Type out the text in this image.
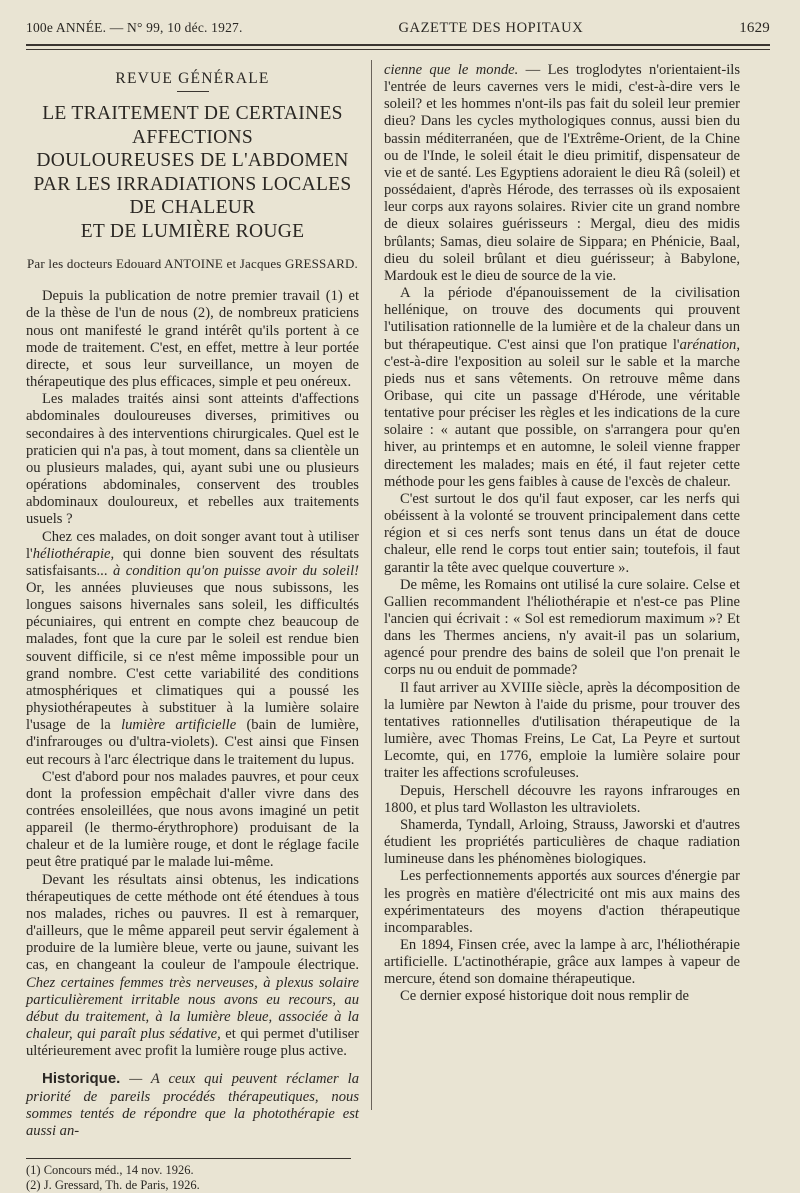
100e ANNÉE. — N° 99, 10 déc. 1927.	GAZETTE DES HOPITAUX	1629
REVUE GÉNÉRALE
LE TRAITEMENT DE CERTAINES AFFECTIONS
DOULOUREUSES DE L'ABDOMEN
PAR LES IRRADIATIONS LOCALES DE CHALEUR
ET DE LUMIÈRE ROUGE
Par les docteurs Edouard ANTOINE et Jacques GRESSARD.

Depuis la publication de notre premier travail (1) et de la thèse de l'un de nous (2), de nombreux praticiens nous ont manifesté le grand intérêt qu'ils portent à ce mode de traitement. C'est, en effet, mettre à leur portée directe, et sous leur surveillance, un moyen de thérapeutique des plus efficaces, simple et peu onéreux.

Les malades traités ainsi sont atteints d'affections abdominales douloureuses diverses, primitives ou secondaires à des interventions chirurgicales. Quel est le praticien qui n'a pas, à tout moment, dans sa clientèle un ou plusieurs malades, qui, ayant subi une ou plusieurs opérations abdominales, conservent des troubles abdominaux douloureux, et rebelles aux traitements usuels ?

Chez ces malades, on doit songer avant tout à utiliser l'héliothérapie, qui donne bien souvent des résultats satisfaisants... à condition qu'on puisse avoir du soleil! Or, les années pluvieuses que nous subissons, les longues saisons hivernales sans soleil, les difficultés pécuniaires, qui entrent en compte chez beaucoup de malades, font que la cure par le soleil est rendue bien souvent difficile, si ce n'est même impossible pour un grand nombre. C'est cette variabilité des conditions atmosphériques et climatiques qui a poussé les physiothérapeutes à substituer à la lumière solaire l'usage de la lumière artificielle (bain de lumière, d'infrarouges ou d'ultra-violets). C'est ainsi que Finsen eut recours à l'arc électrique dans le traitement du lupus.

C'est d'abord pour nos malades pauvres, et pour ceux dont la profession empêchait d'aller vivre dans des contrées ensoleillées, que nous avons imaginé un petit appareil (le thermo-érythrophore) produisant de la chaleur et de la lumière rouge, et dont le réglage facile peut être pratiqué par le malade lui-même.

Devant les résultats ainsi obtenus, les indications thérapeutiques de cette méthode ont été étendues à tous nos malades, riches ou pauvres. Il est à remarquer, d'ailleurs, que le même appareil peut servir également à produire de la lumière bleue, verte ou jaune, suivant les cas, en changeant la couleur de l'ampoule électrique. Chez certaines femmes très nerveuses, à plexus solaire particulièrement irritable nous avons eu recours, au début du traitement, à la lumière bleue, associée à la chaleur, qui paraît plus sédative, et qui permet d'utiliser ultérieurement avec profit la lumière rouge plus active.

Historique. — A ceux qui peuvent réclamer la priorité de pareils procédés thérapeutiques, nous sommes tentés de répondre que la photothérapie est aussi an-

(1) Concours méd., 14 nov. 1926.

(2) J. Gressard, Th. de Paris, 1926.

cienne que le monde. — Les troglodytes n'orientaient-ils l'entrée de leurs cavernes vers le midi, c'est-à-dire vers le soleil? et les hommes n'ont-ils pas fait du soleil leur premier dieu? Dans les cycles mythologiques connus, aussi bien du bassin méditerranéen, que de l'Extrême-Orient, de la Chine ou de l'Inde, le soleil était le dieu primitif, dispensateur de vie et de santé. Les Egyptiens adoraient le dieu Râ (soleil) et possédaient, d'après Hérode, des terrasses où ils exposaient leur corps aux rayons solaires. Rivier cite un grand nombre de dieux solaires guérisseurs : Mergal, dieu des midis brûlants; Samas, dieu solaire de Sippara; en Phénicie, Baal, dieu du soleil brûlant et dieu guérisseur; à Babylone, Mardouk est le dieu de source de la vie.

A la période d'épanouissement de la civilisation hellénique, on trouve des documents qui prouvent l'utilisation rationnelle de la lumière et de la chaleur dans un but thérapeutique. C'est ainsi que l'on pratique l'arénation, c'est-à-dire l'exposition au soleil sur le sable et la marche pieds nus et sans vêtements. On retrouve même dans Oribase, qui cite un passage d'Hérode, une véritable tentative pour préciser les règles et les indications de la cure solaire : « autant que possible, on s'arrangera pour qu'en hiver, au printemps et en automne, le soleil vienne frapper directement les malades; mais en été, il faut rejeter cette méthode pour les gens faibles à cause de l'excès de chaleur.

C'est surtout le dos qu'il faut exposer, car les nerfs qui obéissent à la volonté se trouvent principalement dans cette région et si ces nerfs sont tenus dans un état de douce chaleur, elle rend le corps tout entier sain; toutefois, il faut garantir la tête avec quelque couverture ».

De même, les Romains ont utilisé la cure solaire. Celse et Gallien recommandent l'héliothérapie et n'est-ce pas Pline l'ancien qui écrivait : « Sol est remediorum maximum »? Et dans les Thermes anciens, n'y avait-il pas un solarium, agencé pour prendre des bains de soleil que l'on prenait le corps nu ou enduit de pommade?

Il faut arriver au XVIIIe siècle, après la décomposition de la lumière par Newton à l'aide du prisme, pour trouver des tentatives rationnelles d'utilisation thérapeutique de la lumière, avec Thomas Freins, Le Cat, La Peyre et surtout Lecomte, qui, en 1776, emploie la lumière solaire pour traiter les affections scrofuleuses.

Depuis, Herschell découvre les rayons infrarouges en 1800, et plus tard Wollaston les ultraviolets.

Shamerda, Tyndall, Arloing, Strauss, Jaworski et d'autres étudient les propriétés particulières de chaque radiation lumineuse dans les phénomènes biologiques.

Les perfectionnements apportés aux sources d'énergie par les progrès en matière d'électricité ont mis aux mains des expérimentateurs des moyens d'action thérapeutique incomparables.

En 1894, Finsen crée, avec la lampe à arc, l'héliothérapie artificielle. L'actinothérapie, grâce aux lampes à vapeur de mercure, étend son domaine thérapeutique.

Ce dernier exposé historique doit nous remplir de
